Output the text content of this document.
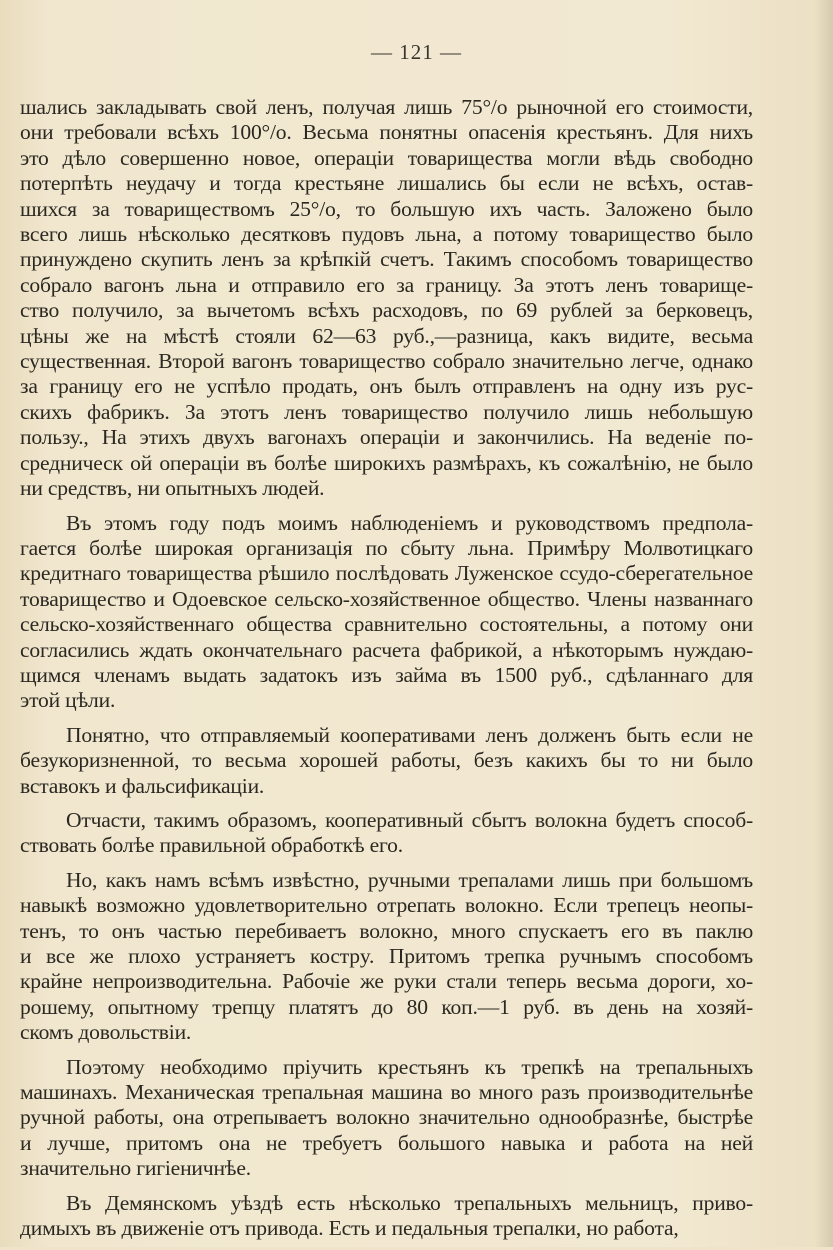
— 121 —

шались закладывать свой ленъ, получая лишь 75°/о рыночной его стоимости,
они требовали всѣхъ 100°/о. Весьма понятны опасенія крестьянъ. Для нихъ
это дѣло совершенно новое, операціи товарищества могли вѣдь свободно
потерпѣть неудачу и тогда крестьяне лишались бы если не всѣхъ, остав-
шихся за товариществомъ 25°/о, то большую ихъ часть. Заложено было
всего лишь нѣсколько десятковъ пудовъ льна, а потому товарищество было
принуждено скупить ленъ за крѣпкій счетъ. Такимъ способомъ товарищество
собрало вагонъ льна и отправило его за границу. За этотъ ленъ товарище-
ство получило, за вычетомъ всѣхъ расходовъ, по 69 рублей за берковецъ,
цѣны же на мѣстѣ стояли 62—63 руб.,—разница, какъ видите, весьма
существенная. Второй вагонъ товарищество собрало значительно легче, однако
за границу его не успѣло продать, онъ былъ отправленъ на одну изъ рус-
скихъ фабрикъ. За этотъ ленъ товарищество получило лишь небольшую
пользу., На этихъ двухъ вагонахъ операціи и закончились. На веденіе по-
средническ ой операціи въ болѣе широкихъ размѣрахъ, къ сожалѣнію, не было
ни средствъ, ни опытныхъ людей.

Въ этомъ году подъ моимъ наблюденіемъ и руководствомъ предпола-
гается болѣе широкая организація по сбыту льна. Примѣру Молвотицкаго
кредитнаго товарищества рѣшило послѣдовать Луженское ссудо-сберегательное
товарищество и Одоевское сельско-хозяйственное общество. Члены названнаго
сельско-хозяйственнаго общества сравнительно состоятельны, а потому они
согласились ждать окончательнаго расчета фабрикой, а нѣкоторымъ нуждаю-
щимся членамъ выдать задатокъ изъ займа въ 1500 руб., сдѣланнаго для
этой цѣли.

Понятно, что отправляемый кооперативами ленъ долженъ быть если не
безукоризненной, то весьма хорошей работы, безъ какихъ бы то ни было
вставокъ и фальсификаціи.

Отчасти, такимъ образомъ, кооперативный сбытъ волокна будетъ способ-
ствовать болѣе правильной обработкѣ его.

Но, какъ намъ всѣмъ извѣстно, ручными трепалами лишь при большомъ
навыкѣ возможно удовлетворительно отрепать волокно. Если трепецъ неопы-
тенъ, то онъ частью перебиваетъ волокно, много спускаетъ его въ паклю
и все же плохо устраняетъ кострy. Притомъ трепка ручнымъ способомъ
крайне непроизводительна. Рабочіе же руки стали теперь весьма дороги, хо-
рошему, опытному трепцу платятъ до 80 коп.—1 руб. въ день на хозяй-
скомъ довольствіи.

Поэтому необходимо пріучить крестьянъ къ трепкѣ на трепальныхъ
машинахъ. Механическая трепальная машина во много разъ производительнѣе
ручной работы, она отрепываетъ волокно значительно однообразнѣе, быстрѣе
и лучше, притомъ она не требуетъ большого навыка и работа на ней
значительно гигіеничнѣе.

Въ Демянскомъ уѣздѣ есть нѣсколько трепальныхъ мельницъ, приво-
димыхъ въ движеніе отъ привода. Есть и педальныя трепалки, но работа,
